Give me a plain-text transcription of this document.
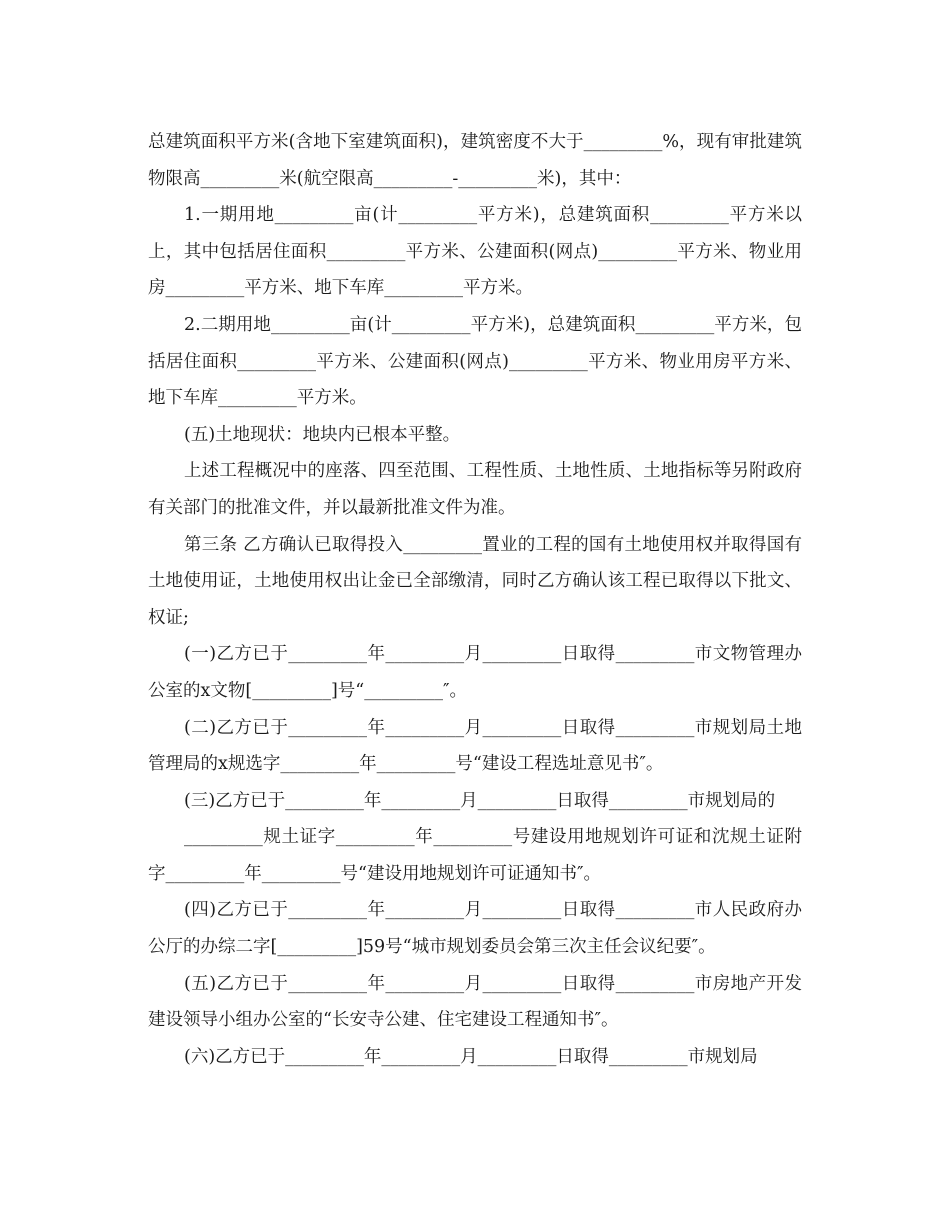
总建筑面积平方米(含地下室建筑面积)，建筑密度不大于_________%，现有审批建筑物限高_________米(航空限高_________-_________米)，其中：

1.一期用地_________亩(计_________平方米)，总建筑面积_________平方米以上，其中包括居住面积_________平方米、公建面积(网点)_________平方米、物业用房_________平方米、地下车库_________平方米。

2.二期用地_________亩(计_________平方米)，总建筑面积_________平方米，包括居住面积_________平方米、公建面积(网点)_________平方米、物业用房平方米、地下车库_________平方米。

(五)土地现状：地块内已根本平整。

上述工程概况中的座落、四至范围、工程性质、土地性质、土地指标等另附政府有关部门的批准文件，并以最新批准文件为准。

第三条 乙方确认已取得投入_________置业的工程的国有土地使用权并取得国有土地使用证，土地使用权出让金已全部缴清，同时乙方确认该工程已取得以下批文、权证;

(一)乙方已于_________年_________月_________日取得_________市文物管理办公室的x文物[_________]号“_________″。

(二)乙方已于_________年_________月_________日取得_________市规划局土地管理局的x规选字_________年_________号“建设工程选址意见书″。

(三)乙方已于_________年_________月_________日取得_________市规划局的

_________规土证字_________年_________号建设用地规划许可证和沈规土证附字_________年_________号“建设用地规划许可证通知书″。

(四)乙方已于_________年_________月_________日取得_________市人民政府办公厅的办综二字[_________]59号“城市规划委员会第三次主任会议纪要″。

(五)乙方已于_________年_________月_________日取得_________市房地产开发建设领导小组办公室的“长安寺公建、住宅建设工程通知书″。

(六)乙方已于_________年_________月_________日取得_________市规划局
